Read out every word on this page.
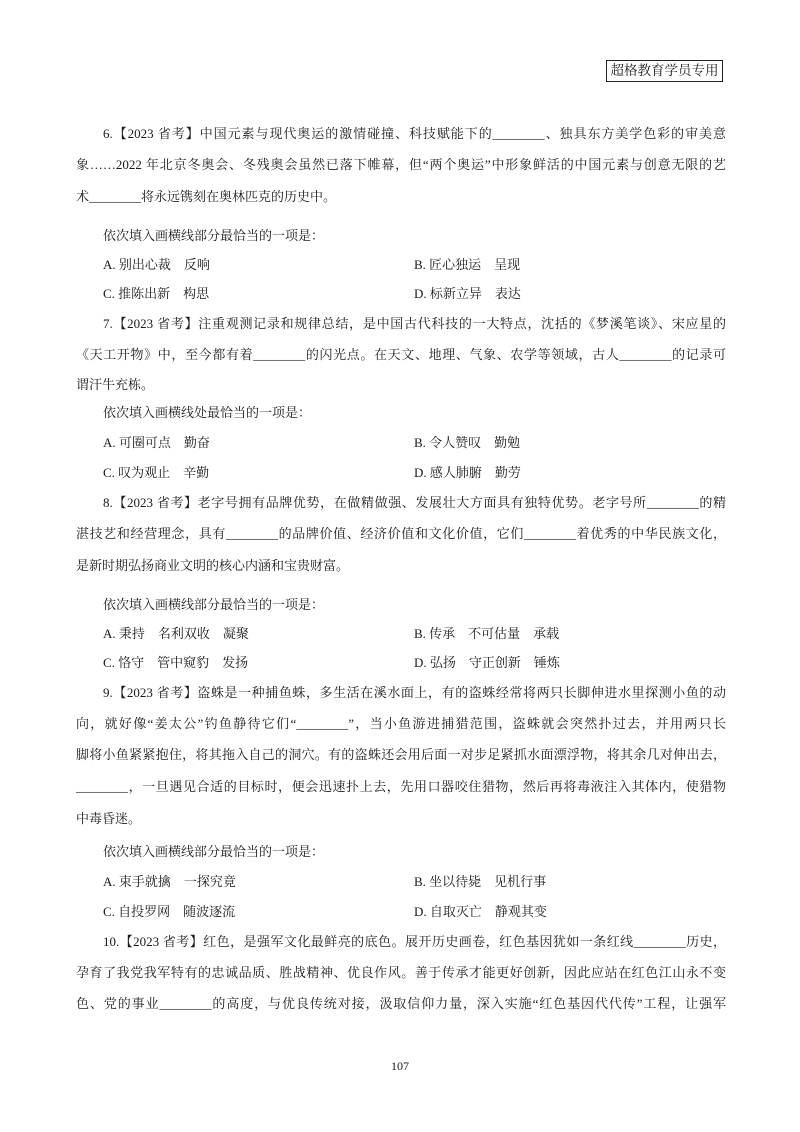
超格教育学员专用
6.【2023 省考】中国元素与现代奥运的激情碰撞、科技赋能下的________、独具东方美学色彩的审美意
象……2022 年北京冬奥会、冬残奥会虽然已落下帷幕，但“两个奥运”中形象鲜活的中国元素与创意无限的艺
术________将永远镌刻在奥林匹克的历史中。
依次填入画横线部分最恰当的一项是：
A. 别出心裁　反响	B. 匠心独运　呈现
C. 推陈出新　构思	D. 标新立异　表达
7.【2023 省考】注重观测记录和规律总结，是中国古代科技的一大特点，沈括的《梦溪笔谈》、宋应星的
《天工开物》中，至今都有着________的闪光点。在天文、地理、气象、农学等领域，古人________的记录可
谓汗牛充栋。
依次填入画横线处最恰当的一项是：
A. 可圈可点　勤奋	B. 令人赞叹　勤勉
C. 叹为观止　辛勤	D. 感人肺腑　勤劳
8.【2023 省考】老字号拥有品牌优势，在做精做强、发展壮大方面具有独特优势。老字号所________的精
湛技艺和经营理念，具有________的品牌价值、经济价值和文化价值，它们________着优秀的中华民族文化，
是新时期弘扬商业文明的核心内涵和宝贵财富。
依次填入画横线部分最恰当的一项是：
A. 秉持　名利双收　凝聚	B. 传承　不可估量　承载
C. 恪守　管中窥豹　发扬	D. 弘扬　守正创新　锤炼
9.【2023 省考】盗蛛是一种捕鱼蛛，多生活在溪水面上，有的盗蛛经常将两只长脚伸进水里探测小鱼的动
向，就好像“姜太公”钓鱼静待它们“________”，当小鱼游进捕猎范围，盗蛛就会突然扑过去，并用两只长
脚将小鱼紧紧抱住，将其拖入自己的洞穴。有的盗蛛还会用后面一对步足紧抓水面漂浮物，将其余几对伸出去，
________，一旦遇见合适的目标时，便会迅速扑上去，先用口器咬住猎物，然后再将毒液注入其体内，使猎物
中毒昏迷。
依次填入画横线部分最恰当的一项是：
A. 束手就擒　一探究竟	B. 坐以待毙　见机行事
C. 自投罗网　随波逐流	D. 自取灭亡　静观其变
10.【2023 省考】红色，是强军文化最鲜亮的底色。展开历史画卷，红色基因犹如一条红线________历史，
孕育了我党我军特有的忠诚品质、胜战精神、优良作风。善于传承才能更好创新，因此应站在红色江山永不变
色、党的事业________的高度，与优良传统对接，汲取信仰力量，深入实施“红色基因代代传”工程，让强军
107
